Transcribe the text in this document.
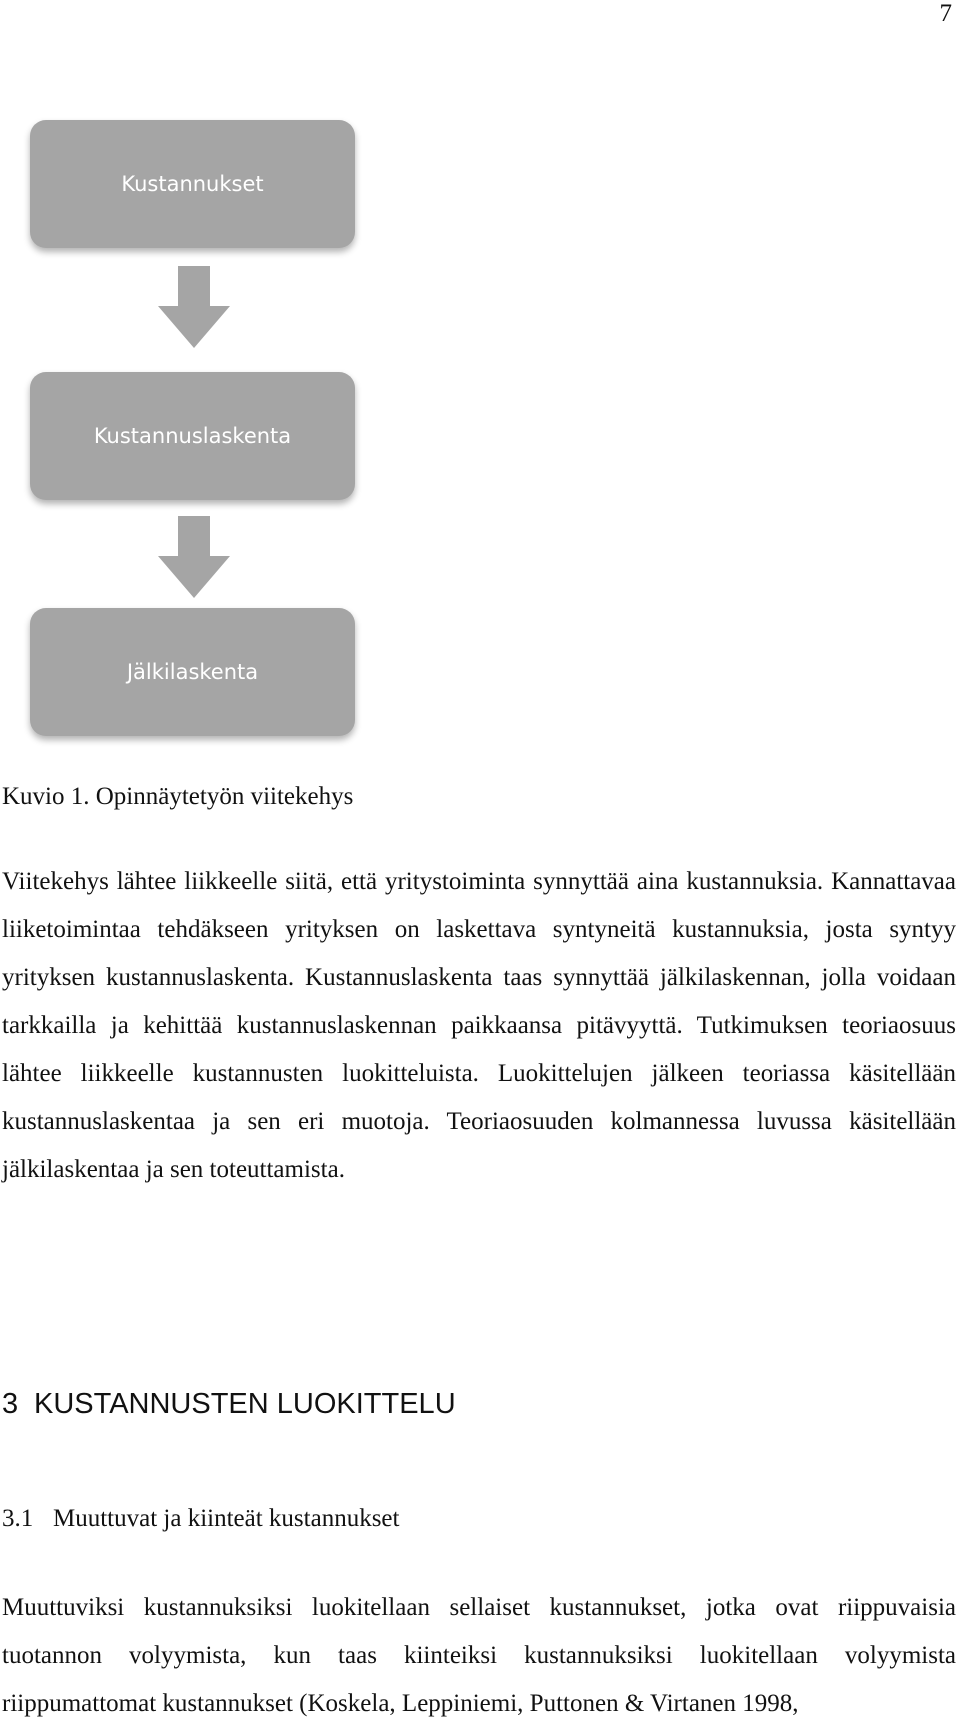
7
Kustannukset
Kustannuslaskenta
Jälkilaskenta
Kuvio 1. Opinnäytetyön viitekehys

Viitekehys lähtee liikkeelle siitä, että yritystoiminta synnyttää aina kustannuksia. Kannattavaa liiketoimintaa tehdäkseen yrityksen on laskettava syntyneitä kustannuksia, josta syntyy yrityksen kustannuslaskenta. Kustannuslaskenta taas synnyttää jälkilaskennan, jolla voidaan tarkkailla ja kehittää kustannuslaskennan paikkaansa pitävyyttä. Tutkimuksen teoriaosuus lähtee liikkeelle kustannusten luokitteluista. Luokittelujen jälkeen teoriassa käsitellään kustannuslaskentaa ja sen eri muotoja. Teoriaosuuden kolmannessa luvussa käsitellään jälkilaskentaa ja sen toteuttamista.

3 KUSTANNUSTEN LUOKITTELU
3.1 Muuttuvat ja kiinteät kustannukset

Muuttuviksi kustannuksiksi luokitellaan sellaiset kustannukset, jotka ovat riippuvaisia tuotannon volyymista, kun taas kiinteiksi kustannuksiksi luokitellaan volyymista riippumattomat kustannukset (Koskela, Leppiniemi, Puttonen & Virtanen 1998,
